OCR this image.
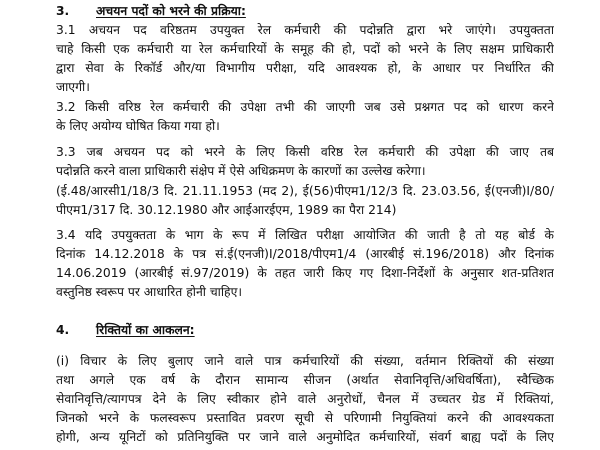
3. अचयन पदों को भरने की प्रक्रिया:
3.1 अचयन पद वरिष्ठतम उपयुक्त रेल कर्मचारी की पदोन्नति द्वारा भरे जाएंगे। उपयुक्तता
चाहे किसी एक कर्मचारी या रेल कर्मचारियों के समूह की हो, पदों को भरने के लिए सक्षम प्राधिकारी
द्वारा सेवा के रिकॉर्ड और/या विभागीय परीक्षा, यदि आवश्यक हो, के आधार पर निर्धारित की
जाएगी।
3.2 किसी वरिष्ठ रेल कर्मचारी की उपेक्षा तभी की जाएगी जब उसे प्रश्नगत पद को धारण करने
के लिए अयोग्य घोषित किया गया हो।
3.3 जब अचयन पद को भरने के लिए किसी वरिष्ठ रेल कर्मचारी की उपेक्षा की जाए तब
पदोन्नति करने वाला प्राधिकारी संक्षेप में ऐसे अधिक्रमण के कारणों का उल्लेख करेगा।
(ई.48/आरसी1/18/3 दि. 21.11.1953 (मद 2), ई(56)पीएम1/12/3 दि. 23.03.56, ई(एनजी)I/80/
पीएम1/317 दि. 30.12.1980 और आईआरईएम, 1989 का पैरा 214)
3.4 यदि उपयुक्तता के भाग के रूप में लिखित परीक्षा आयोजित की जाती है तो यह बोर्ड के
दिनांक 14.12.2018 के पत्र सं.ई(एनजी)I/2018/पीएम1/4 (आरबीई सं.196/2018) और दिनांक
14.06.2019 (आरबीई सं.97/2019) के तहत जारी किए गए दिशा-निर्देशों के अनुसार शत-प्रतिशत
वस्तुनिष्ठ स्वरूप पर आधारित होनी चाहिए।
4. रिक्तियों का आकलन:
(i) विचार के लिए बुलाए जाने वाले पात्र कर्मचारियों की संख्या, वर्तमान रिक्तियों की संख्या
तथा अगले एक वर्ष के दौरान सामान्य सीजन (अर्थात सेवानिवृत्ति/अधिवर्षिता), स्वैच्छिक
सेवानिवृत्ति/त्यागपत्र देने के लिए स्वीकार होने वाले अनुरोधों, चैनल में उच्चतर ग्रेड में रिक्तियां,
जिनको भरने के फलस्वरूप प्रस्तावित प्रवरण सूची से परिणामी नियुक्तियां करने की आवश्यकता
होगी, अन्य यूनिटों को प्रतिनियुक्ति पर जाने वाले अनुमोदित कर्मचारियों, संवर्ग बाह्य पदों के लिए
